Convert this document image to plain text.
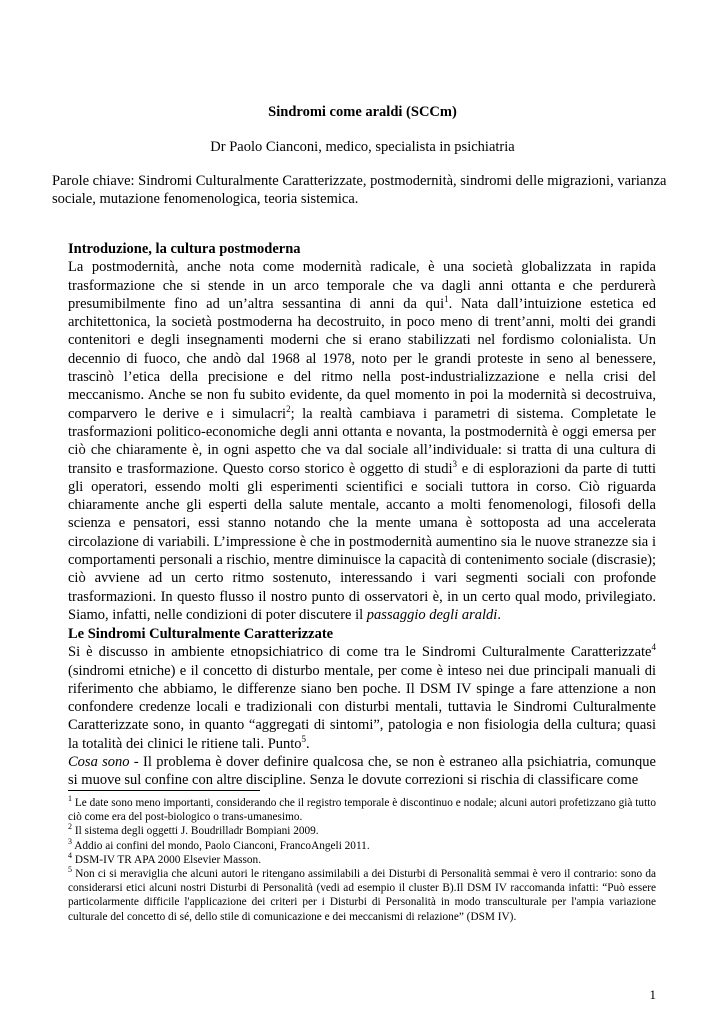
Sindromi come araldi (SCCm)
Dr Paolo Cianconi, medico, specialista in psichiatria
Parole chiave: Sindromi Culturalmente Caratterizzate, postmodernità, sindromi delle migrazioni, varianza sociale, mutazione fenomenologica, teoria sistemica.
Introduzione, la cultura postmoderna

La postmodernità, anche nota come modernità radicale, è una società globalizzata in rapida trasformazione che si stende in un arco temporale che va dagli anni ottanta e che perdurerà presumibilmente fino ad un’altra sessantina di anni da qui$^1$. Nata dall’intuizione estetica ed architettonica, la società postmoderna ha decostruito, in poco meno di trent’anni, molti dei grandi contenitori e degli insegnamenti moderni che si erano stabilizzati nel fordismo colonialista. Un decennio di fuoco, che andò dal 1968 al 1978, noto per le grandi proteste in seno al benessere, trascinò l’etica della precisione e del ritmo nella post-industrializzazione e nella crisi del meccanismo. Anche se non fu subito evidente, da quel momento in poi la modernità si decostruiva, comparvero le derive e i simulacri$^2$; la realtà cambiava i parametri di sistema. Completate le trasformazioni politico-economiche degli anni ottanta e novanta, la postmodernità è oggi emersa per ciò che chiaramente è, in ogni aspetto che va dal sociale all’individuale: si tratta di una cultura di transito e trasformazione. Questo corso storico è oggetto di studi$^3$ e di esplorazioni da parte di tutti gli operatori, essendo molti gli esperimenti scientifici e sociali tuttora in corso. Ciò riguarda chiaramente anche gli esperti della salute mentale, accanto a molti fenomenologi, filosofi della scienza e pensatori, essi stanno notando che la mente umana è sottoposta ad una accelerata circolazione di variabili. L’impressione è che in postmodernità aumentino sia le nuove stranezze sia i comportamenti personali a rischio, mentre diminuisce la capacità di contenimento sociale (discrasie); ciò avviene ad un certo ritmo sostenuto, interessando i vari segmenti sociali con profonde trasformazioni. In questo flusso il nostro punto di osservatori è, in un certo qual modo, privilegiato. Siamo, infatti, nelle condizioni di poter discutere il passaggio degli araldi.

Le Sindromi Culturalmente Caratterizzate

Si è discusso in ambiente etnopsichiatrico di come tra le Sindromi Culturalmente Caratterizzate$^4$ (sindromi etniche) e il concetto di disturbo mentale, per come è inteso nei due principali manuali di riferimento che abbiamo, le differenze siano ben poche. Il DSM IV spinge a fare attenzione a non confondere credenze locali e tradizionali con disturbi mentali, tuttavia le Sindromi Culturalmente Caratterizzate sono, in quanto “aggregati di sintomi”, patologia e non fisiologia della cultura; quasi la totalità dei clinici le ritiene tali. Punto$^5$.

Cosa sono - Il problema è dover definire qualcosa che, se non è estraneo alla psichiatria, comunque si muove sul confine con altre discipline. Senza le dovute correzioni si rischia di classificare come

$^1$ Le date sono meno importanti, considerando che il registro temporale è discontinuo e nodale; alcuni autori profetizzano già tutto ciò come era del post-biologico o trans-umanesimo.

$^2$ Il sistema degli oggetti J. Boudrilladr Bompiani 2009.

$^3$ Addio ai confini del mondo, Paolo Cianconi, FrancoAngeli 2011.

$^4$ DSM-IV TR APA 2000 Elsevier Masson.

$^5$ Non ci si meraviglia che alcuni autori le ritengano assimilabili a dei Disturbi di Personalità semmai è vero il contrario: sono da considerarsi etici alcuni nostri Disturbi di Personalità (vedi ad esempio il cluster B).Il DSM IV raccomanda infatti: “Può essere particolarmente difficile l'applicazione dei criteri per i Disturbi di Personalità in modo transculturale per l'ampia variazione culturale del concetto di sé, dello stile di comunicazione e dei meccanismi di relazione” (DSM IV).

1
